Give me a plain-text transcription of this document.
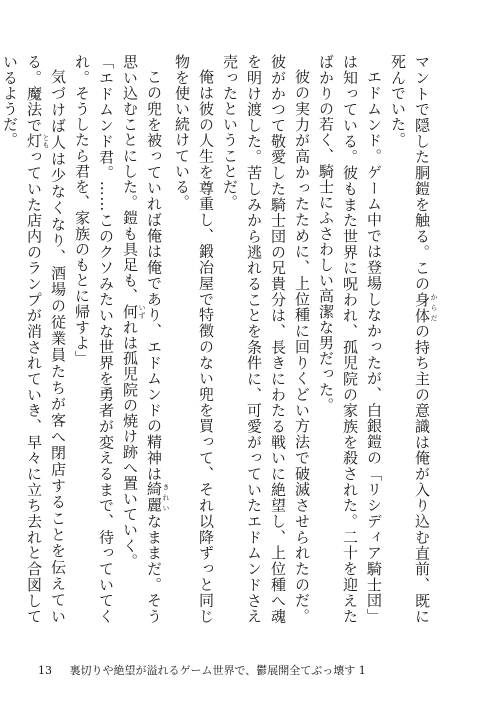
マントで隠した胴鎧を触る。この身体 からだの持ち主の意識は俺が入り込む直前、既に死んでいた。

エドムンド。ゲーム中では登場しなかったが、白銀鎧の「リシディア騎士団」は知っている。彼もまた世界に呪われ、孤児院の家族を殺された。二十を迎えたばかりの若く、騎士にふさわしい高潔な男だった。

彼の実力が高かったために、上位種に回りくどい方法で破滅させられたのだ。彼がかつて敬愛した騎士団の兄貴分は、長きにわたる戦いに絶望し、上位種へ魂を明け渡した。苦しみから逃れることを条件に、可愛がっていたエドムンドさえ売ったということだ。

俺は彼の人生を尊重し、鍛冶屋で特徴のない兜を買って、それ以降ずっと同じ物を使い続けている。

この兜を被っていれば俺は俺であり、エドムンドの精神は綺麗 きれいなままだ。そう思い込むことにした。鎧も具足も、何 いずれは孤児院の焼け跡へ置いていく。

「エドムンド君。……このクソみたいな世界を勇者が変えるまで、待っていてくれ。そうしたら君を、家族のもとに帰すよ」

気づけば人は少なくなり、酒場の従業員たちが客へ閉店することを伝えている。魔法で灯 ともっていた店内のランプが消されていき、早々に立ち去れと合図しているようだ。

13 裏切りや絶望が溢れるゲーム世界で、鬱展開全てぶっ壊す 1
